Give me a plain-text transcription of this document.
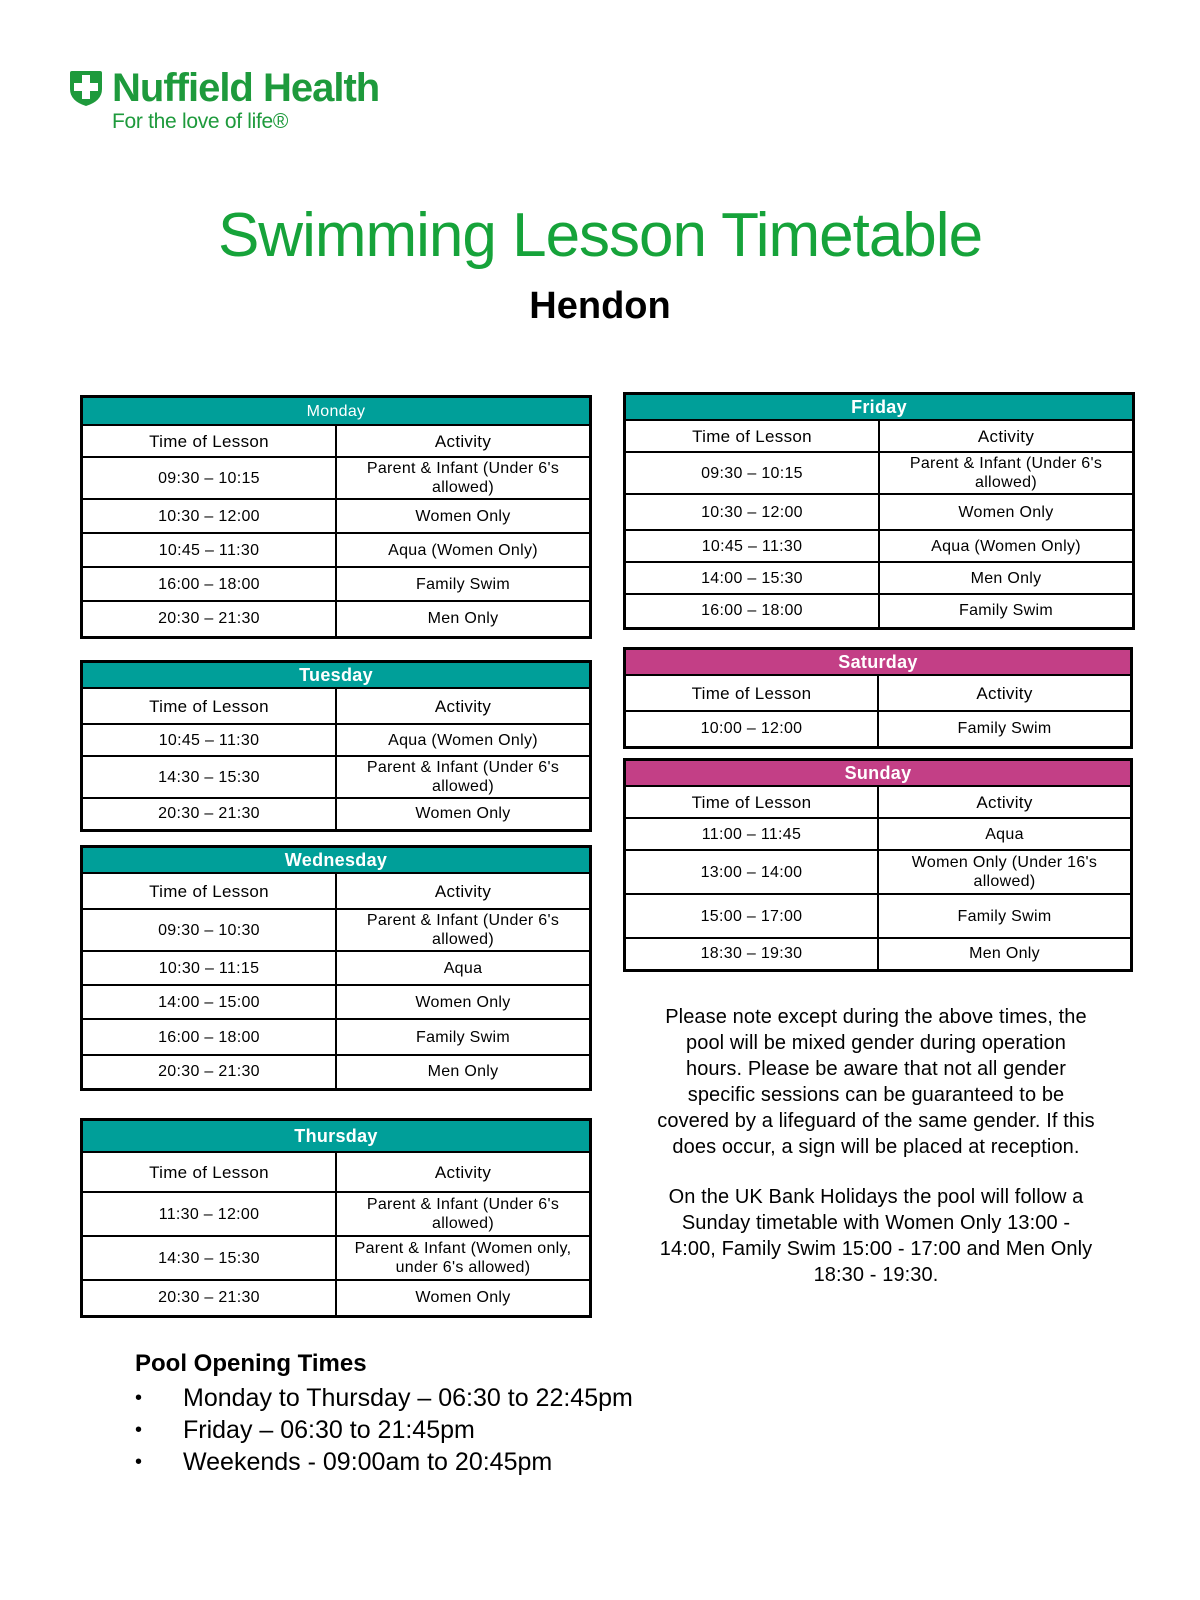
Nuffield Health
For the love of life®
Swimming Lesson Timetable
Hendon
Monday	
Time of Lesson	Activity
09:30 – 10:15	Parent & Infant (Under 6's allowed)
10:30 – 12:00	Women Only
10:45 – 11:30	Aqua (Women Only)
16:00 – 18:00	Family Swim
20:30 – 21:30	Men Only
Tuesday	
Time of Lesson	Activity
10:45 – 11:30	Aqua (Women Only)
14:30 – 15:30	Parent & Infant (Under 6's allowed)
20:30 – 21:30	Women Only
Wednesday	
Time of Lesson	Activity
09:30 – 10:30	Parent & Infant (Under 6's allowed)
10:30 – 11:15	Aqua
14:00 – 15:00	Women Only
16:00 – 18:00	Family Swim
20:30 – 21:30	Men Only
Thursday	
Time of Lesson	Activity
11:30 – 12:00	Parent & Infant (Under 6's allowed)
14:30 – 15:30	Parent & Infant (Women only, under 6's allowed)
20:30 – 21:30	Women Only
Friday	
Time of Lesson	Activity
09:30 – 10:15	Parent & Infant (Under 6's allowed)
10:30 – 12:00	Women Only
10:45 – 11:30	Aqua (Women Only)
14:00 – 15:30	Men Only
16:00 – 18:00	Family Swim
Saturday	
Time of Lesson	Activity
10:00 – 12:00	Family Swim
Sunday	
Time of Lesson	Activity
11:00 – 11:45	Aqua
13:00 – 14:00	Women Only (Under 16's allowed)
15:00 – 17:00	Family Swim
18:30 – 19:30	Men Only

Please note except during the above times, the pool will be mixed gender during operation hours. Please be aware that not all gender specific sessions can be guaranteed to be covered by a lifeguard of the same gender. If this does occur, a sign will be placed at reception.

On the UK Bank Holidays the pool will follow a Sunday timetable with Women Only 13:00 - 14:00, Family Swim 15:00 - 17:00 and Men Only 18:30 - 19:30.

Pool Opening Times
• Monday to Thursday – 06:30 to 22:45pm
• Friday – 06:30 to 21:45pm
• Weekends - 09:00am to 20:45pm
